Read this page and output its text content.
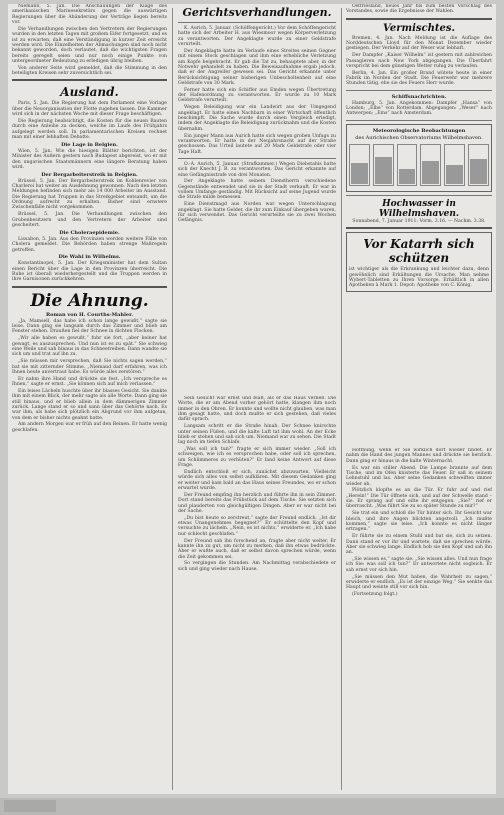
Niemann, 5. Jan. Die Anschauungen der Klage des amerikanischen Marinesekretärs gegen die auswärtigen Regierungen über die Abänderung der Verträge liegen bereits vor.

Die Verhandlungen zwischen den Vertretern der Regierungen wurden in den letzten Tagen mit großem Eifer fortgesetzt, und es ist zu erwarten, daß eine Verständigung in kurzer Zeit erreicht werden wird. Die Einzelheiten der Abmachungen sind noch nicht bekannt geworden, doch verlautet, daß die wichtigsten Fragen bereits geregelt seien und nur noch einige Punkte von untergeordneter Bedeutung zu erledigen übrig bleiben.

Von anderer Seite wird gemeldet, daß die Stimmung in den beteiligten Kreisen sehr zuversichtlich sei.

Ausland.

Paris, 5. Jan. Die Regierung hat dem Parlament eine Vorlage über die Neuorganisation der Flotte zugehen lassen. Die Kammer wird sich in der nächsten Woche mit dieser Frage beschäftigen.

Die Regierung beabsichtigt, die Kosten für die neuen Bauten durch eine Anleihe zu decken, welche im Laufe des Frühjahrs aufgelegt werden soll. In parlamentarischen Kreisen rechnet man mit einer lebhaften Debatte.

Die Lage in Belgien.

Wien, 5. Jan. Wie die hiesigen Blätter berichten, ist der Minister des Äußern gestern nach Budapest abgereist, wo er mit den ungarischen Staatsmännern eine längere Beratung haben wird.

Der Bergarbeiterstreik in Belgien.

Brüssel, 5. Jan. Der Bergarbeiterstreik im Kohlenrevier von Charleroi hat weiter an Ausdehnung gewonnen. Nach den letzten Meldungen befinden sich mehr als 14 000 Arbeiter im Ausstand. Die Regierung hat Truppen in das Streikgebiet entsandt, um die Ordnung aufrecht zu erhalten. Bisher sind ernstere Zwischenfälle nicht vorgekommen.

Brüssel, 5. Jan. Die Verhandlungen zwischen den Grubenbesitzern und den Vertretern der Arbeiter sind gescheitert.

Die Choleraepidemie.

Lissabon, 5. Jan. Aus den Provinzen werden weitere Fälle von Cholera gemeldet. Die Behörden haben strenge Maßregeln getroffen.

Die Wahl in Wilhelms.

Konstantinopel, 5. Jan. Der Kriegsminister hat dem Sultan einen Bericht über die Lage in den Provinzen überreicht. Die Ruhe ist überall wiederhergestellt und die Truppen werden in ihre Garnisonen zurückkehren.

Die Ahnung.
Roman von H. Courths-Mahler.

„Ja, Mamsell, das habe ich schon lange gewußt,“ sagte sie leise. Dann ging sie langsam durch das Zimmer und blieb am Fenster stehen. Draußen fiel der Schnee in dichten Flocken.

„Wir alle haben es gewußt,“ fuhr sie fort, „aber keiner hat gewagt, es auszusprechen. Und nun ist es zu spät.“ Sie schwieg eine Weile und sah hinaus in das Schneetreiben. Dann wandte sie sich um und trat auf ihn zu.

„Sie müssen mir versprechen, daß Sie nichts sagen werden,“ bat sie mit zitternder Stimme. „Niemand darf erfahren, was ich Ihnen heute anvertraut habe. Es würde alles zerstören.“

Er nahm ihre Hand und drückte sie fest. „Ich verspreche es Ihnen,“ sagte er ernst. „Sie können sich auf mich verlassen.“

Ein leises Lächeln huschte über ihr blasses Gesicht. Sie dankte ihm mit einem Blick, der mehr sagte als alle Worte. Dann ging sie still hinaus, und er blieb allein in dem dämmerigen Zimmer zurück. Lange stand er so und sann über das Gehörte nach. Es war ihm, als habe sich plötzlich ein Abgrund vor ihm aufgetan, von dem er bisher nichts geahnt hatte.

Am andern Morgen war er früh auf den Beinen. Er hatte wenig geschlafen.

Gerichtsverhandlungen.

K. Aurich, 5. Januar. (Schöffengericht.) Vor dem Schöffengericht hatte sich der Arbeiter H. aus Wiesmoor wegen Körperverletzung zu verantworten. Der Angeklagte wurde zu einer Geldstrafe verurteilt.

Der Angeklagte hatte im Verlaufe eines Streites seinen Gegner mit einem Stock geschlagen und ihm eine erhebliche Verletzung am Kopfe beigebracht. Er gab die Tat zu, behauptete aber, in der Notwehr gehandelt zu haben. Die Beweisaufnahme ergab jedoch, daß er der Angreifer gewesen sei. Das Gericht erkannte unter Berücksichtigung seiner bisherigen Unbescholtenheit auf eine Geldstrafe von 30 Mark.

Ferner hatte sich ein Schiffer aus Emden wegen Übertretung der Hafenordnung zu verantworten. Er wurde zu 10 Mark Geldstrafe verurteilt.

Wegen Beleidigung war ein Landwirt aus der Umgegend angeklagt. Er hatte einen Nachbarn in einer Wirtschaft öffentlich beschimpft. Die Sache wurde durch einen Vergleich erledigt, indem der Angeklagte die Beleidigung zurücknahm und die Kosten übernahm.

Ein junger Mann aus Aurich hatte sich wegen groben Unfugs zu verantworten. Er hatte in der Neujahrsnacht auf der Straße geschossen. Das Urteil lautete auf 20 Mark Geldstrafe oder vier Tage Haft.

O.-A. Aurich, 5. Januar. (Strafkammer.) Wegen Diebstahls hatte sich der Knecht J. B. zu verantworten. Das Gericht erkannte auf eine Gefängnisstrafe von drei Monaten.

Der Angeklagte hatte seinem Dienstherrn verschiedene Gegenstände entwendet und sie in der Stadt verkauft. Er war in vollem Umfange geständig. Mit Rücksicht auf seine Jugend wurde die Strafe milde bemessen.

Eine Dienstmagd aus Norden war wegen Unterschlagung angeklagt. Sie hatte Gelder, die ihr zum Einkauf übergeben waren, für sich verwendet. Das Gericht verurteilte sie zu zwei Wochen Gefängnis.

Sein Gesicht war ernst und blaß, als er das Haus verließ. Die Worte, die er am Abend vorher gehört hatte, klangen ihm noch immer in den Ohren. Er konnte und wollte nicht glauben, was man ihm gesagt hatte, und doch mußte er sich gestehen, daß vieles dafür sprach.

Langsam schritt er die Straße hinab. Der Schnee knirschte unter seinen Füßen, und die kalte Luft tat ihm wohl. An der Ecke blieb er stehen und sah sich um. Niemand war zu sehen. Die Stadt lag noch im tiefen Schlafe.

„Was soll ich tun?“ fragte er sich immer wieder. „Soll ich schweigen, wie ich es versprochen habe, oder soll ich sprechen, um Schlimmeres zu verhüten?“ Er fand keine Antwort auf diese Frage.

Endlich entschloß er sich, zunächst abzuwarten. Vielleicht würde sich alles von selbst aufklären. Mit diesem Gedanken ging er weiter und kam bald an das Haus seines Freundes, wo er schon erwartet wurde.

Der Freund empfing ihn herzlich und führte ihn in sein Zimmer. Dort stand bereits das Frühstück auf dem Tische. Sie setzten sich und plauderten von gleichgültigen Dingen. Aber er war nicht bei der Sache.

„Du bist heute so zerstreut,“ sagte der Freund endlich. „Ist dir etwas Unangenehmes begegnet?“ Er schüttelte den Kopf und versuchte zu lächeln. „Nein, es ist nichts,“ erwiderte er. „Ich habe nur schlecht geschlafen.“

Der Freund sah ihn forschend an, fragte aber nicht weiter. Er kannte ihn zu gut, um nicht zu merken, daß ihn etwas bedrückte. Aber er wußte auch, daß er selbst davon sprechen würde, wenn die Zeit gekommen sei.

So vergingen die Stunden. Am Nachmittag verabschiedete er sich und ging wieder nach Hause.

Ostfriesland, neues Jahr bis zum besten Vorschlag des Vorstandes, sowie die Ergebnisse der Wahlen.

Vermischtes.

Bremen, 4. Jan. Nach Meldung ist die Auflage des Norddeutschen Lloyd für den Monat Dezember wieder gestiegen. Der Verkehr auf der Weser war lebhaft.

Der Dampfer „Kaiser Wilhelm“ ist gestern mit zahlreichen Passagieren nach New York abgegangen. Die Überfahrt verspricht bei dem günstigen Wetter ruhig zu verlaufen.

Berlin, 4. Jan. Ein großer Brand wütete heute in einer Fabrik im Norden der Stadt. Die Feuerwehr war mehrere Stunden tätig, ehe sie des Feuers Herr wurde.

Schiffsnachrichten.

Hamburg, 5. Jan. Angekommen: Dampfer „Hansa“ von London; „Elbe“ von Rotterdam. Abgegangen: „Weser“ nach Antwerpen; „Ems“ nach Amsterdam.

Meteorologische Beobachtungen
des Aurichischen Observatoriums Wilhelmshaven.
Hochwasser in Wilhelmshaven.
Sonnabend, 7. Januar 1911: Vorm. 3.16. — Nachm. 3.38.
Vor Katarrh sich schützen
ist wichtiger als die Erkrankung und leichter dazu, denn gewöhnlich sind Erkältungen die Ursache. Man nehme Wybert-Tabletten zu Ihren Vorsorge. Erhältlich in allen Apotheken à Mark 1. Depot: Apotheke von C. König.

Hoffnung, wenn er Sie wirklich dort wieder findet. Er nahm die Hand des jungen Mannes und drückte sie herzlich. Dann ging er hinaus in die kalte Winternacht.

Es war ein stiller Abend. Die Lampe brannte auf dem Tische, und im Ofen knisterte das Feuer. Er saß in seinem Lehnstuhl und las. Aber seine Gedanken schweiften immer wieder ab.

Plötzlich klopfte es an die Tür. Er fuhr auf und rief „Herein!“ Die Tür öffnete sich, und auf der Schwelle stand – sie. Er sprang auf und eilte ihr entgegen. „Sie?“ rief er überrascht. „Was führt Sie zu so später Stunde zu mir?“

Sie trat ein und schloß die Tür hinter sich. Ihr Gesicht war bleich, und ihre Augen blickten angstvoll. „Ich mußte kommen,“ sagte sie leise. „Ich konnte es nicht länger ertragen.“

Er führte sie zu einem Stuhl und bat sie, sich zu setzen. Dann stand er vor ihr und wartete, daß sie sprechen würde. Aber sie schwieg lange. Endlich hob sie den Kopf und sah ihn an.

„Sie wissen es,“ sagte sie. „Sie wissen alles. Und nun frage ich Sie: was soll ich tun?“ Er antwortete nicht sogleich. Er sah ernst vor sich hin.

„Sie müssen den Mut haben, die Wahrheit zu sagen,“ erwiderte er endlich. „Es ist der einzige Weg.“ Sie senkte das Haupt und weinte still vor sich hin.

(Fortsetzung folgt.)
